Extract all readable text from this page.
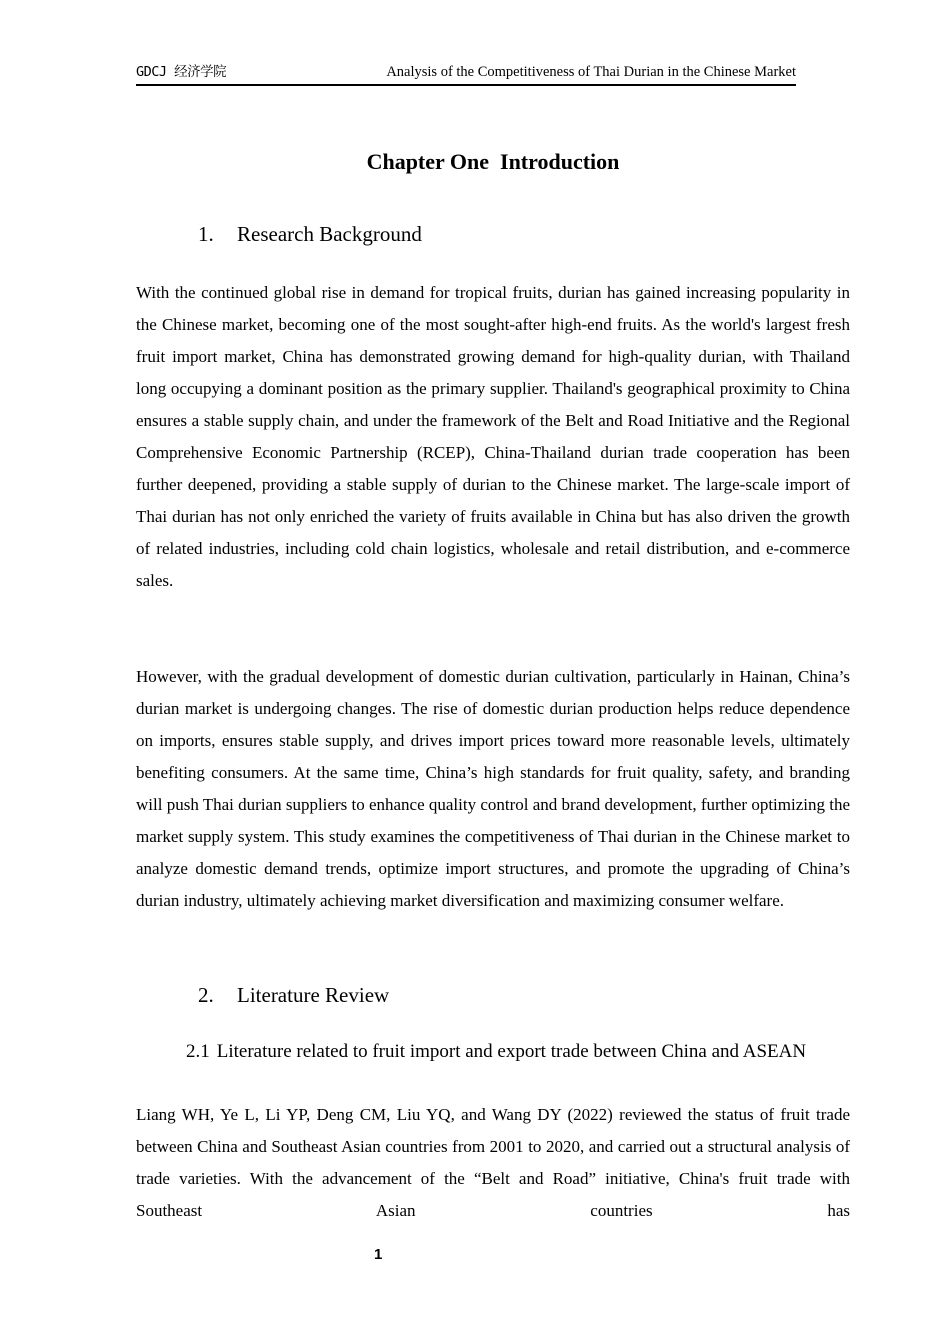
GDCJ 经济学院	Analysis of the Competitiveness of Thai Durian in the Chinese Market
Chapter One  Introduction
1. Research Background

With the continued global rise in demand for tropical fruits, durian has gained increasing popularity in the Chinese market, becoming one of the most sought-after high-end fruits. As the world's largest fresh fruit import market, China has demonstrated growing demand for high-quality durian, with Thailand long occupying a dominant position as the primary supplier. Thailand's geographical proximity to China ensures a stable supply chain, and under the framework of the Belt and Road Initiative and the Regional Comprehensive Economic Partnership (RCEP), China-Thailand durian trade cooperation has been further deepened, providing a stable supply of durian to the Chinese market. The large-scale import of Thai durian has not only enriched the variety of fruits available in China but has also driven the growth of related industries, including cold chain logistics, wholesale and retail distribution, and e-commerce sales.

However, with the gradual development of domestic durian cultivation, particularly in Hainan, China’s durian market is undergoing changes. The rise of domestic durian production helps reduce dependence on imports, ensures stable supply, and drives import prices toward more reasonable levels, ultimately benefiting consumers. At the same time, China’s high standards for fruit quality, safety, and branding will push Thai durian suppliers to enhance quality control and brand development, further optimizing the market supply system. This study examines the competitiveness of Thai durian in the Chinese market to analyze domestic demand trends, optimize import structures, and promote the upgrading of China’s durian industry, ultimately achieving market diversification and maximizing consumer welfare.

2. Literature Review
2.1 Literature related to fruit import and export trade between China and ASEAN

Liang WH, Ye L, Li YP, Deng CM, Liu YQ, and Wang DY (2022) reviewed the status of fruit trade between China and Southeast Asian countries from 2001 to 2020, and carried out a structural analysis of trade varieties. With the advancement of the “Belt and Road” initiative, China's fruit trade with Southeast Asian countries has

1
